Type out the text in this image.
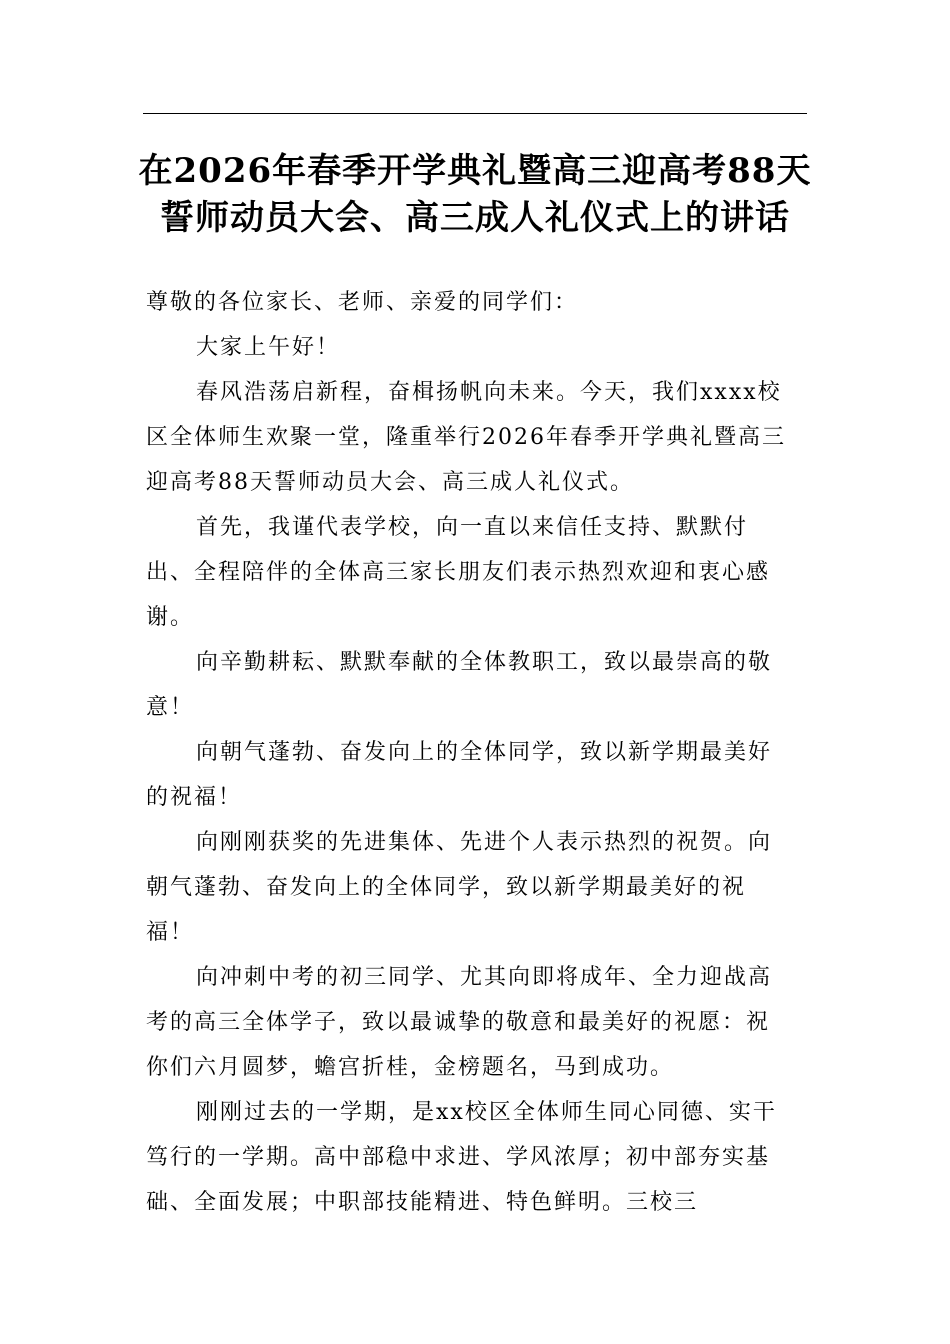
在2026年春季开学典礼暨高三迎高考88天
誓师动员大会、高三成人礼仪式上的讲话

尊敬的各位家长、老师、亲爱的同学们：

大家上午好！

春风浩荡启新程，奋楫扬帆向未来。今天，我们xxxx校区全体师生欢聚一堂，隆重举行2026年春季开学典礼暨高三迎高考88天誓师动员大会、高三成人礼仪式。

首先，我谨代表学校，向一直以来信任支持、默默付出、全程陪伴的全体高三家长朋友们表示热烈欢迎和衷心感谢。

向辛勤耕耘、默默奉献的全体教职工，致以最崇高的敬意！

向朝气蓬勃、奋发向上的全体同学，致以新学期最美好的祝福！

向刚刚获奖的先进集体、先进个人表示热烈的祝贺。向朝气蓬勃、奋发向上的全体同学，致以新学期最美好的祝福！

向冲刺中考的初三同学、尤其向即将成年、全力迎战高考的高三全体学子，致以最诚挚的敬意和最美好的祝愿：祝你们六月圆梦，蟾宫折桂，金榜题名，马到成功。

刚刚过去的一学期，是xx校区全体师生同心同德、实干笃行的一学期。高中部稳中求进、学风浓厚；初中部夯实基础、全面发展；中职部技能精进、特色鲜明。三校三
